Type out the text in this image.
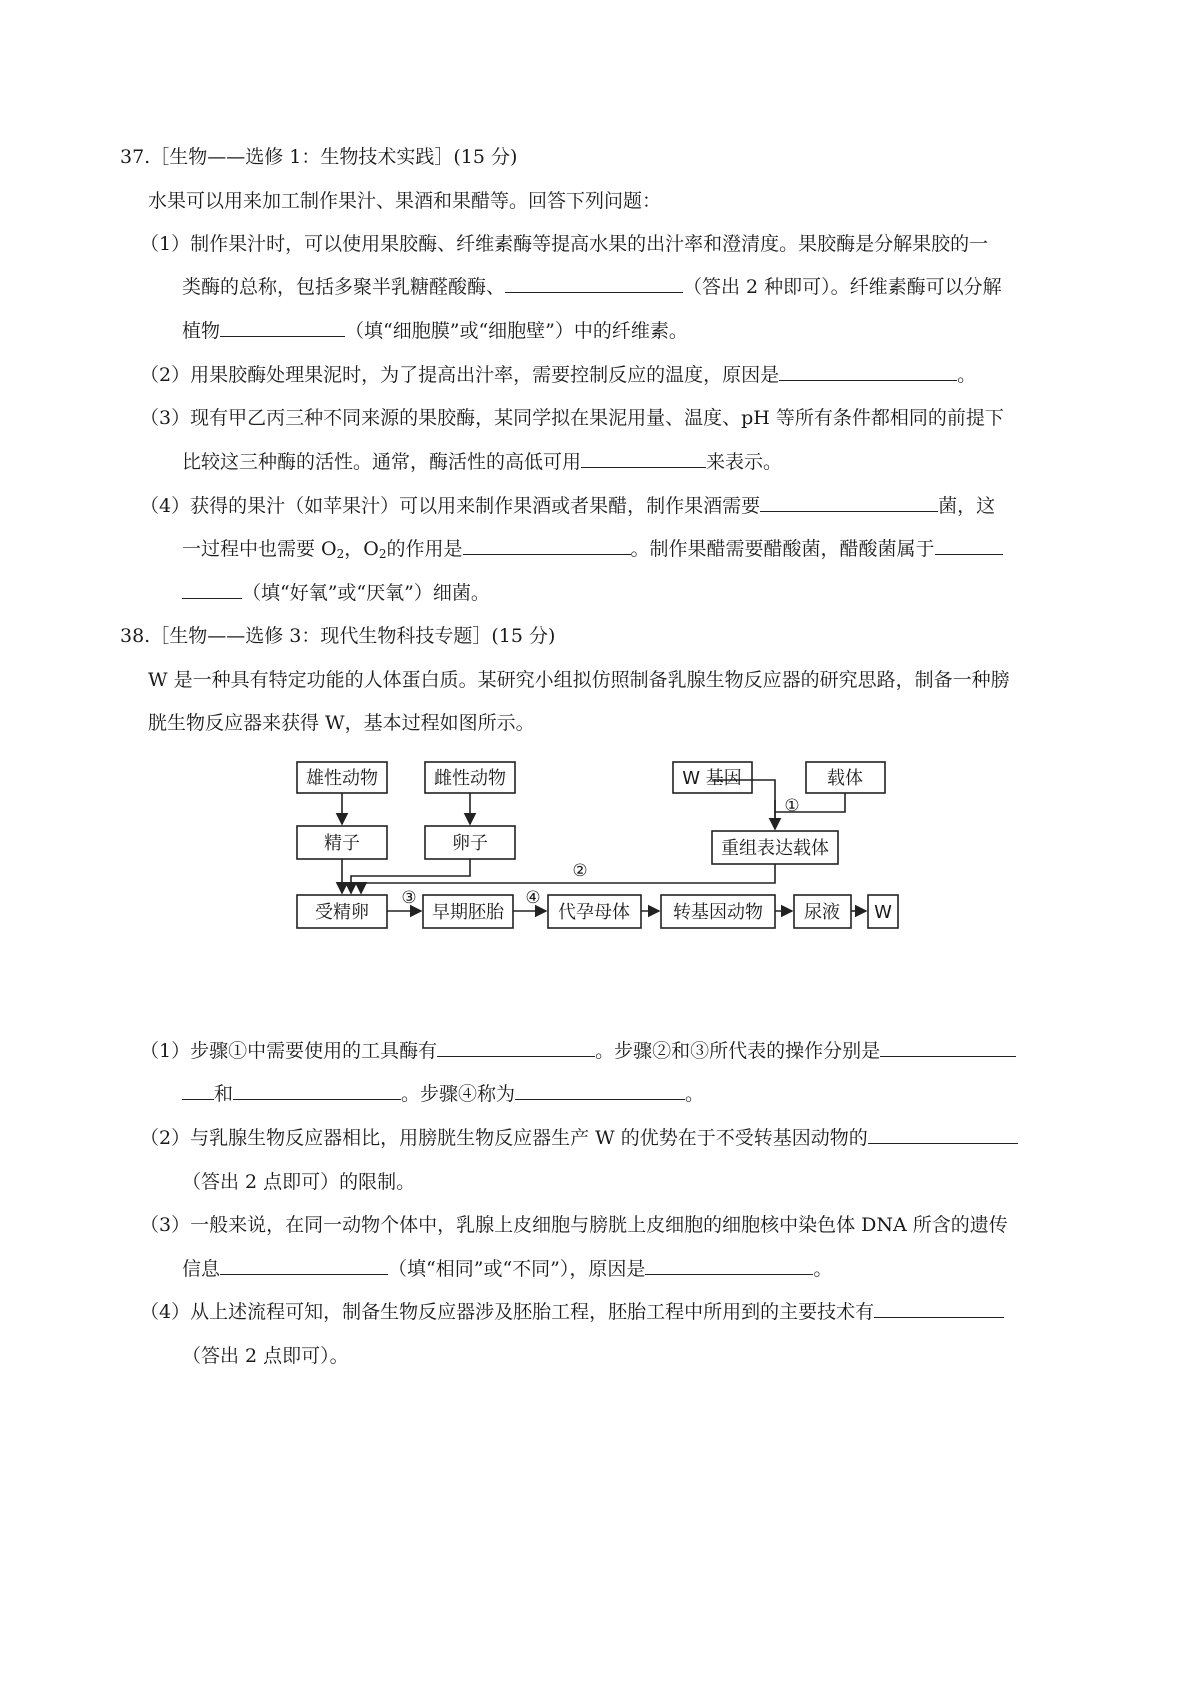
37.［生物——选修 1：生物技术实践］(15 分)
水果可以用来加工制作果汁、果酒和果醋等。回答下列问题：
（1）制作果汁时，可以使用果胶酶、纤维素酶等提高水果的出汁率和澄清度。果胶酶是分解果胶的一
类酶的总称，包括多聚半乳糖醛酸酶、	（答出 2 种即可）。纤维素酶可以分解
植物	（填“细胞膜”或“细胞壁”）中的纤维素。
（2）用果胶酶处理果泥时，为了提高出汁率，需要控制反应的温度，原因是	。
（3）现有甲乙丙三种不同来源的果胶酶，某同学拟在果泥用量、温度、pH 等所有条件都相同的前提下
比较这三种酶的活性。通常，酶活性的高低可用	来表示。
（4）获得的果汁（如苹果汁）可以用来制作果酒或者果醋，制作果酒需要	菌，这
一过程中也需要 $O_2$，$O_2$的作用是	。制作果醋需要醋酸菌，醋酸菌属于
（填“好氧”或“厌氧”）细菌。
38.［生物——选修 3：现代生物科技专题］(15 分)
W 是一种具有特定功能的人体蛋白质。某研究小组拟仿照制备乳腺生物反应器的研究思路，制备一种膀
胱生物反应器来获得 W，基本过程如图所示。
雄性动物	雌性动物
精子	卵子
W 基因	载体
重组表达载体
受精卵	早期胚胎	代孕母体 转基因动物 尿液 W
①
②
③	④
（1）步骤①中需要使用的工具酶有	。步骤②和③所代表的操作分别是
和	。步骤④称为	。
（2）与乳腺生物反应器相比，用膀胱生物反应器生产 W 的优势在于不受转基因动物的
（答出 2 点即可）的限制。
（3）一般来说，在同一动物个体中，乳腺上皮细胞与膀胱上皮细胞的细胞核中染色体 DNA 所含的遗传
信息	（填“相同”或“不同”），原因是	。
（4）从上述流程可知，制备生物反应器涉及胚胎工程，胚胎工程中所用到的主要技术有
（答出 2 点即可）。
